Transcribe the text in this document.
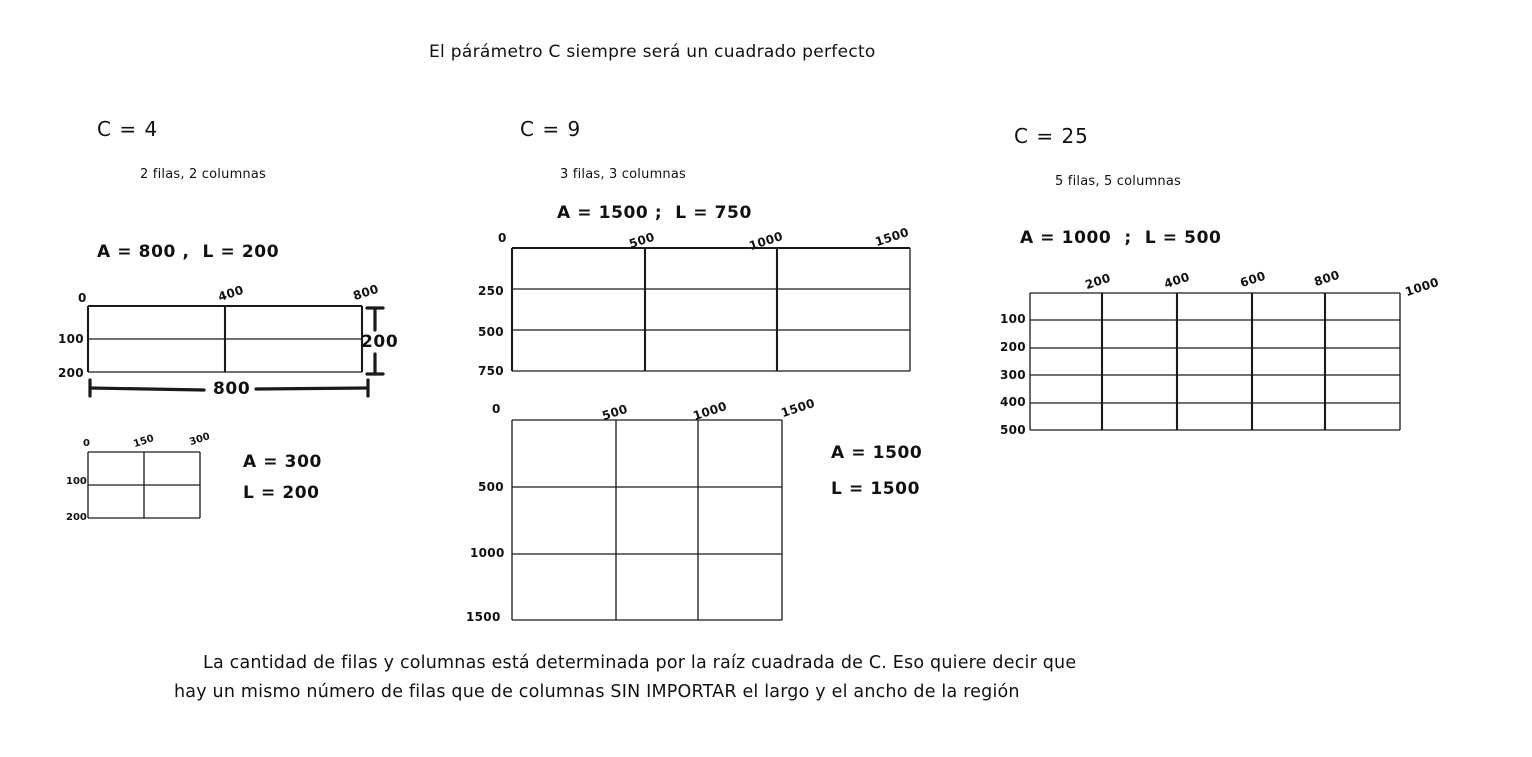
El párámetro C siempre será un cuadrado perfecto
C = 4
2 filas, 2 columnas
A = 800 ,  L = 200
0	400	800
100
200
800
200
0	150	300
100
200
A = 300
L = 200
C = 9
3 filas, 3 columnas
A = 1500 ;  L = 750
0	500	1000	1500
250
500
750
0	500	1000	1500
500
1000
1500
A = 1500
L = 1500
C = 25
5 filas, 5 columnas
A = 1000  ;  L = 500
200	400	600	800	1000
100
200
300
400
500
La cantidad de filas y columnas está determinada por la raíz cuadrada de C. Eso quiere decir que
hay un mismo número de filas que de columnas SIN IMPORTAR el largo y el ancho de la región
